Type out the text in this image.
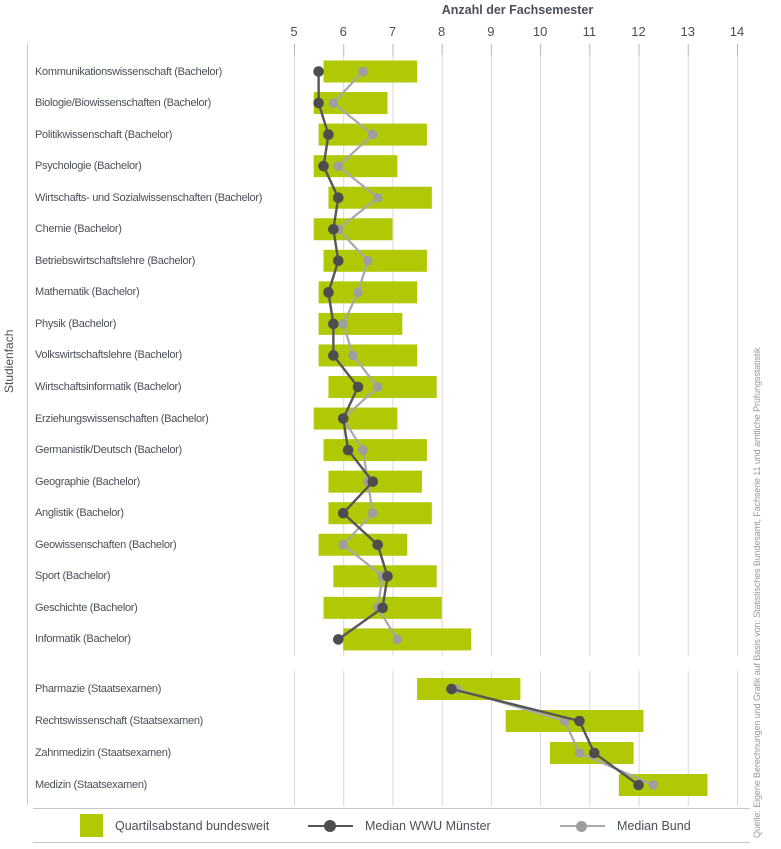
Anzahl der Fachsemester
Studienfach
5	6	7	8	9	10	11	12	13	14
Kommunikationswissenschaft (Bachelor)
Biologie/Biowissenschaften (Bachelor)
Politikwissenschaft (Bachelor)
Psychologie (Bachelor)
Wirtschafts- und Sozialwissenschaften (Bachelor)
Chemie (Bachelor)
Betriebswirtschaftslehre (Bachelor)
Mathematik (Bachelor)
Physik (Bachelor)
Volkswirtschaftslehre (Bachelor)
Wirtschaftsinformatik (Bachelor)
Erziehungswissenschaften (Bachelor)
Germanistik/Deutsch (Bachelor)
Geographie (Bachelor)
Anglistik (Bachelor)
Geowissenschaften (Bachelor)
Sport (Bachelor)
Geschichte (Bachelor)
Informatik (Bachelor)
Pharmazie (Staatsexamen)
Rechtswissenschaft (Staatsexamen)
Zahnmedizin (Staatsexamen)
Medizin (Staatsexamen)	Quelle: Eigene Berechnungen und Grafik auf Basis von: Statistisches Bundesamt, Fachserie 11 und amtliche Prüfungsstatistik
Quartilsabstand bundesweit	Median WWU Münster	Median Bund
